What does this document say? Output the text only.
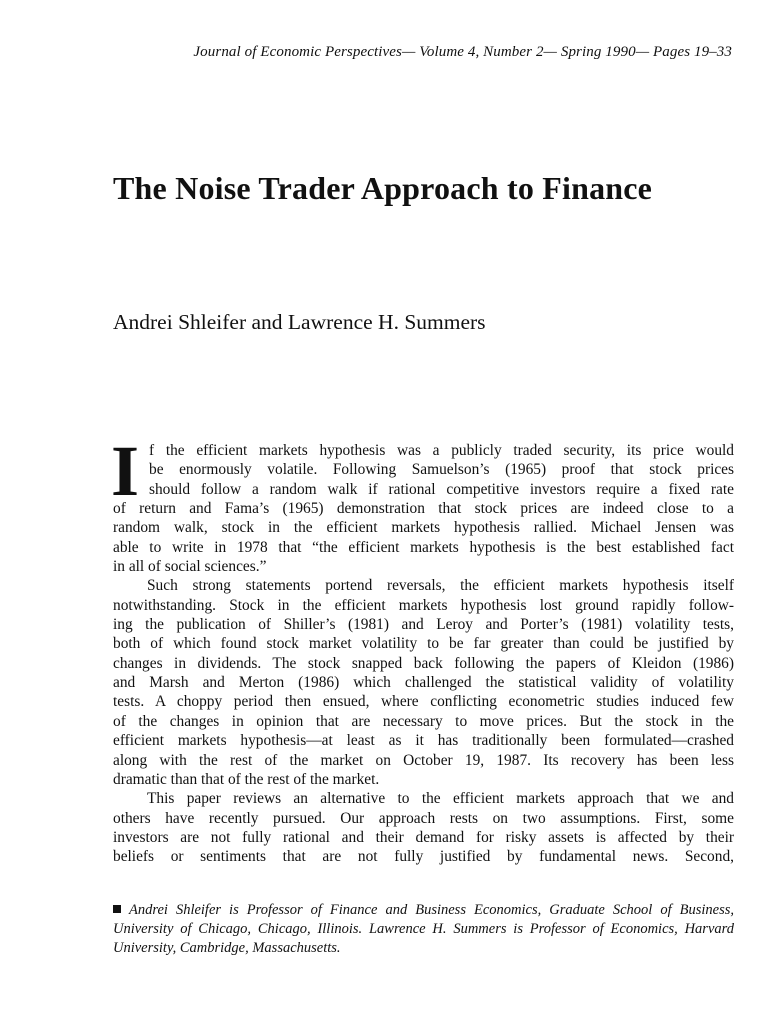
Journal of Economic Perspectives— Volume 4, Number 2— Spring 1990— Pages 19–33
The Noise Trader Approach to Finance
Andrei Shleifer and Lawrence H. Summers
I f the efficient markets hypothesis was a publicly traded security, its price would
be enormously volatile. Following Samuelson’s (1965) proof that stock prices
should follow a random walk if rational competitive investors require a fixed rate
of return and Fama’s (1965) demonstration that stock prices are indeed close to a
random walk, stock in the efficient markets hypothesis rallied. Michael Jensen was
able to write in 1978 that “the efficient markets hypothesis is the best established fact
in all of social sciences.”
Such strong statements portend reversals, the efficient markets hypothesis itself
notwithstanding. Stock in the efficient markets hypothesis lost ground rapidly follow-
ing the publication of Shiller’s (1981) and Leroy and Porter’s (1981) volatility tests,
both of which found stock market volatility to be far greater than could be justified by
changes in dividends. The stock snapped back following the papers of Kleidon (1986)
and Marsh and Merton (1986) which challenged the statistical validity of volatility
tests. A choppy period then ensued, where conflicting econometric studies induced few
of the changes in opinion that are necessary to move prices. But the stock in the
efficient markets hypothesis—at least as it has traditionally been formulated—crashed
along with the rest of the market on October 19, 1987. Its recovery has been less
dramatic than that of the rest of the market.
This paper reviews an alternative to the efficient markets approach that we and
others have recently pursued. Our approach rests on two assumptions. First, some
investors are not fully rational and their demand for risky assets is affected by their
beliefs or sentiments that are not fully justified by fundamental news. Second,
Andrei Shleifer is Professor of Finance and Business Economics, Graduate School of Business,
University of Chicago, Chicago, Illinois. Lawrence H. Summers is Professor of Economics, Harvard
University, Cambridge, Massachusetts.
